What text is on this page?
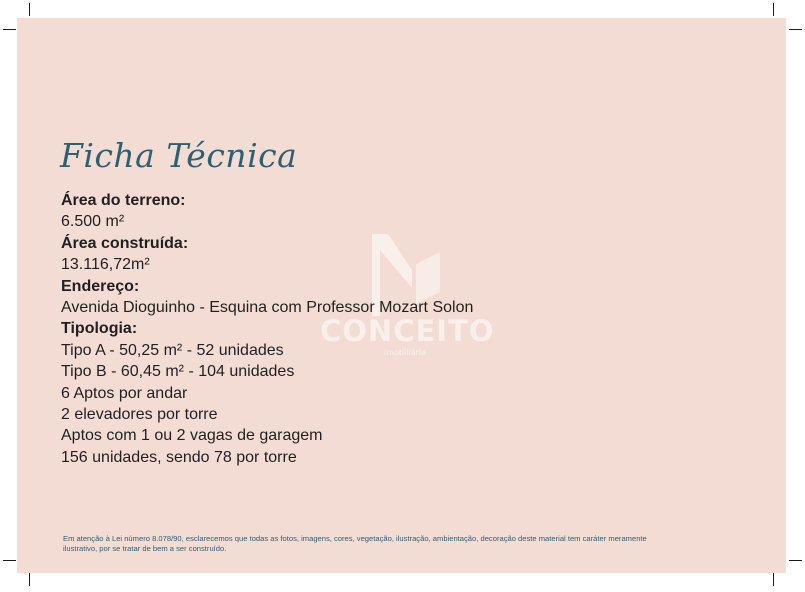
CONCEITO
imobiliária
Ficha Técnica
Área do terreno:
6.500 m²
Área construída:
13.116,72m²
Endereço:
Avenida Dioguinho - Esquina com Professor Mozart Solon
Tipologia:
Tipo A - 50,25 m² - 52 unidades
Tipo B - 60,45 m² - 104 unidades
6 Aptos por andar
2 elevadores por torre
Aptos com 1 ou 2 vagas de garagem
156 unidades, sendo 78 por torre
Em atenção à Lei número 8.078/90, esclarecemos que todas as fotos, imagens, cores, vegetação, ilustração, ambientação, decoração deste material tem caráter meramente ilustrativo, por se tratar de bem a ser construído.
